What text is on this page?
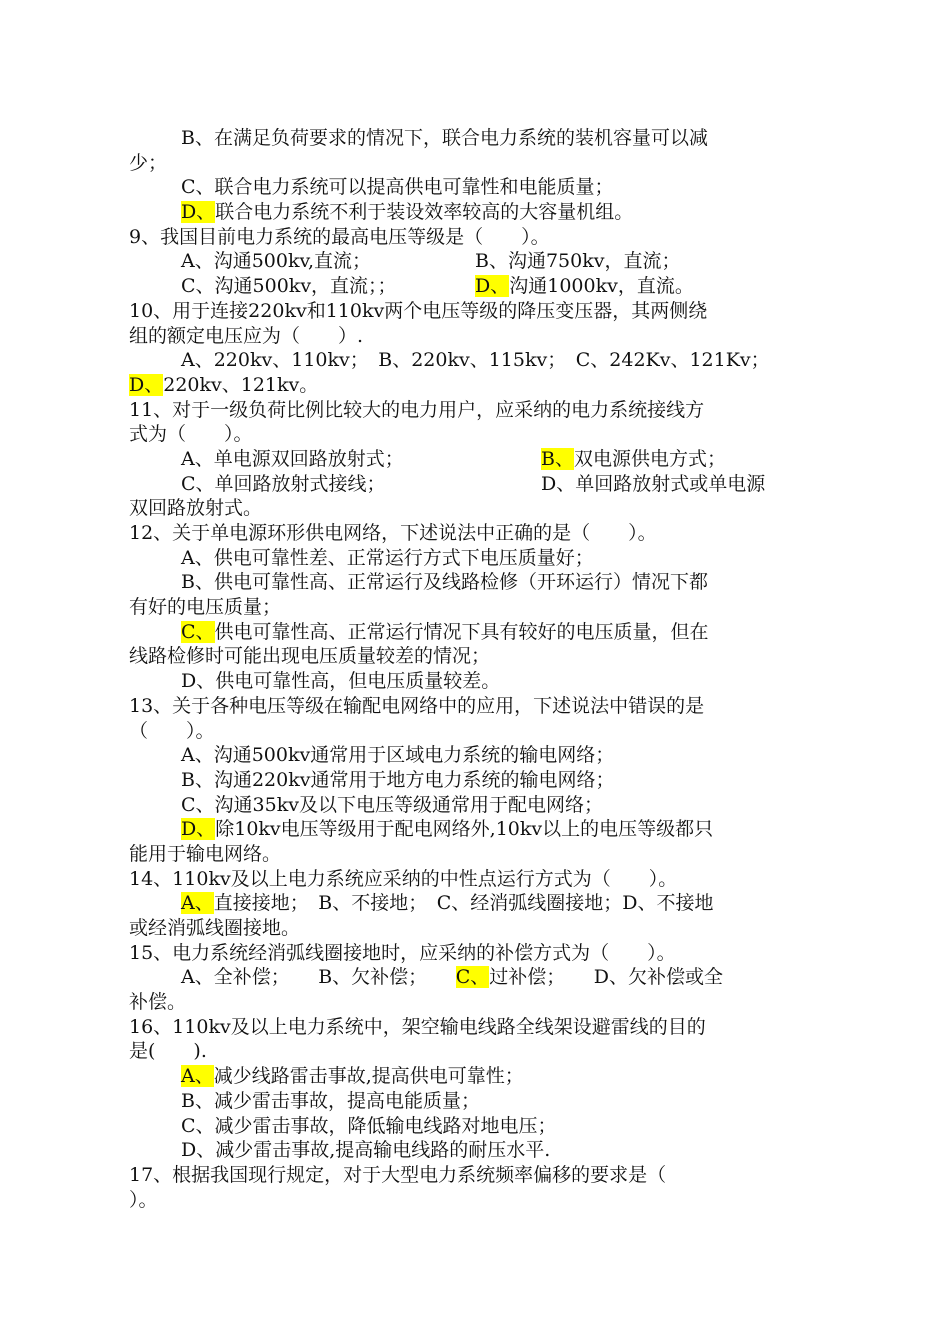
B、在满足负荷要求的情况下，联合电力系统的装机容量可以减
少；
C、联合电力系统可以提高供电可靠性和电能质量；
D、联合电力系统不利于装设效率较高的大容量机组。
9、我国目前电力系统的最高电压等级是（　　）。
A、沟通500kv,直流；	B、沟通750kv，直流；
C、沟通500kv，直流；；	D、沟通1000kv，直流。
10、用于连接220kv和110kv两个电压等级的降压变压器，其两侧绕
组的额定电压应为（　　）.
A、220kv、110kv；　B、220kv、115kv；　C、242Kv、121Kv；
D、220kv、121kv。
11、对于一级负荷比例比较大的电力用户，应采纳的电力系统接线方
式为（　　）。
A、单电源双回路放射式；	B、双电源供电方式；
C、单回路放射式接线；	D、单回路放射式或单电源
双回路放射式。
12、关于单电源环形供电网络，下述说法中正确的是（　　）。
A、供电可靠性差、正常运行方式下电压质量好；
B、供电可靠性高、正常运行及线路检修（开环运行）情况下都
有好的电压质量；
C、供电可靠性高、正常运行情况下具有较好的电压质量，但在
线路检修时可能出现电压质量较差的情况；
D、供电可靠性高，但电压质量较差。
13、关于各种电压等级在输配电网络中的应用，下述说法中错误的是
（　　）。
A、沟通500kv通常用于区域电力系统的输电网络；
B、沟通220kv通常用于地方电力系统的输电网络；
C、沟通35kv及以下电压等级通常用于配电网络；
D、除10kv电压等级用于配电网络外,10kv以上的电压等级都只
能用于输电网络。
14、110kv及以上电力系统应采纳的中性点运行方式为（　　）。
A、直接接地；　B、不接地；　C、经消弧线圈接地；D、不接地
或经消弧线圈接地。
15、电力系统经消弧线圈接地时，应采纳的补偿方式为（　　）。
A、全补偿；　　B、欠补偿；　　C、过补偿；　　D、欠补偿或全
补偿。
16、110kv及以上电力系统中，架空输电线路全线架设避雷线的目的
是(　　).
A、减少线路雷击事故,提高供电可靠性；
B、减少雷击事故，提高电能质量；
C、减少雷击事故，降低输电线路对地电压；
D、减少雷击事故,提高输电线路的耐压水平.
17、根据我国现行规定，对于大型电力系统频率偏移的要求是（
）。
